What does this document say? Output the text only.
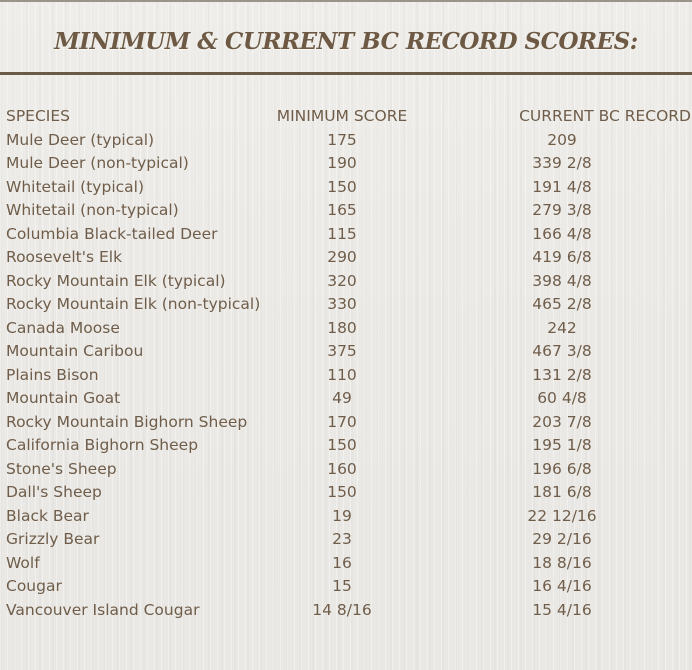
MINIMUM & CURRENT BC RECORD SCORES:
SPECIES	MINIMUM SCORE	CURRENT BC RECORD
Mule Deer (typical)	175	209
Mule Deer (non-typical)	190	339 2/8
Whitetail (typical)	150	191 4/8
Whitetail (non-typical)	165	279 3/8
Columbia Black-tailed Deer	115	166 4/8
Roosevelt's Elk	290	419 6/8
Rocky Mountain Elk (typical)	320	398 4/8
Rocky Mountain Elk (non-typical)	330	465 2/8
Canada Moose	180	242
Mountain Caribou	375	467 3/8
Plains Bison	110	131 2/8
Mountain Goat	49	60 4/8
Rocky Mountain Bighorn Sheep	170	203 7/8
California Bighorn Sheep	150	195 1/8
Stone's Sheep	160	196 6/8
Dall's Sheep	150	181 6/8
Black Bear	19	22 12/16
Grizzly Bear	23	29 2/16
Wolf	16	18 8/16
Cougar	15	16 4/16
Vancouver Island Cougar	14 8/16	15 4/16
